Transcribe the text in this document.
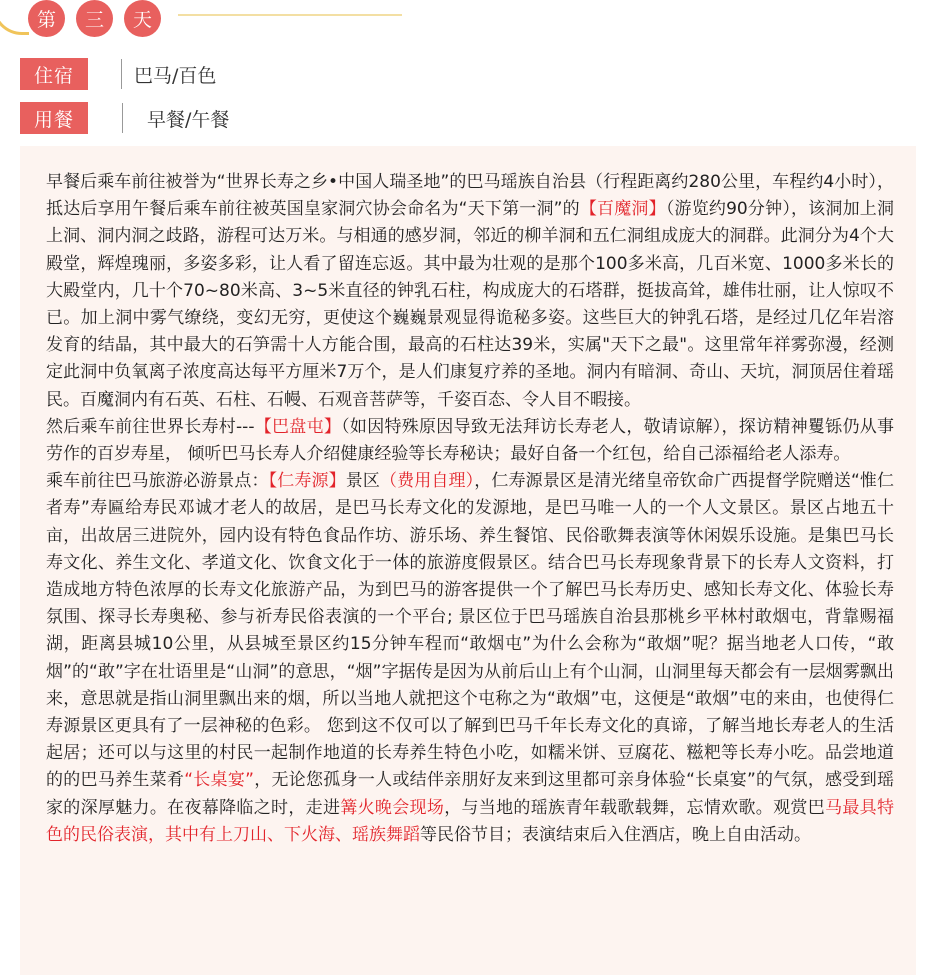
第	三	天
住宿	巴马/百色
用餐	早餐/午餐

早餐后乘车前往被誉为“世界长寿之乡•中国人瑞圣地”的巴马瑶族自治县（行程距离约280公里，车程约4小时），抵达后享用午餐后乘车前往被英国皇家洞穴协会命名为“天下第一洞”的【百魔洞】（游览约90分钟），该洞加上洞上洞、洞内洞之歧路，游程可达万米。与相通的感岁洞，邻近的柳羊洞和五仁洞组成庞大的洞群。此洞分为4个大殿堂，辉煌瑰丽，多姿多彩，让人看了留连忘返。其中最为壮观的是那个100多米高，几百米宽、1000多米长的大殿堂内，几十个70~80米高、3~5米直径的钟乳石柱，构成庞大的石塔群，挺拔高耸，雄伟壮丽，让人惊叹不已。加上洞中雾气缭绕，变幻无穷，更使这个巍巍景观显得诡秘多姿。这些巨大的钟乳石塔，是经过几亿年岩溶发育的结晶，其中最大的石笋需十人方能合围，最高的石柱达39米，实属"天下之最"。这里常年祥雾弥漫，经测定此洞中负氧离子浓度高达每平方厘米7万个，是人们康复疗养的圣地。洞内有暗洞、奇山、天坑，洞顶居住着瑶民。百魔洞内有石英、石柱、石幔、石观音菩萨等，千姿百态、令人目不暇接。

然后乘车前往世界长寿村---【巴盘屯】（如因特殊原因导致无法拜访长寿老人，敬请谅解），探访精神矍铄仍从事劳作的百岁寿星， 倾听巴马长寿人介绍健康经验等长寿秘诀；最好自备一个红包，给自己添福给老人添寿。

乘车前往巴马旅游必游景点：【仁寿源】景区（费用自理），仁寿源景区是清光绪皇帝钦命广西提督学院赠送“惟仁者寿”寿匾给寿民邓诚才老人的故居，是巴马长寿文化的发源地，是巴马唯一人的一个人文景区。景区占地五十亩，出故居三进院外，园内设有特色食品作坊、游乐场、养生餐馆、民俗歌舞表演等休闲娱乐设施。是集巴马长寿文化、养生文化、孝道文化、饮食文化于一体的旅游度假景区。结合巴马长寿现象背景下的长寿人文资料，打造成地方特色浓厚的长寿文化旅游产品，为到巴马的游客提供一个了解巴马长寿历史、感知长寿文化、体验长寿氛围、探寻长寿奥秘、参与祈寿民俗表演的一个平台; 景区位于巴马瑶族自治县那桃乡平林村敢烟屯，背靠赐福湖，距离县城10公里，从县城至景区约15分钟车程而“敢烟屯”为什么会称为“敢烟”呢？据当地老人口传，“敢烟”的“敢”字在壮语里是“山洞”的意思，“烟”字据传是因为从前后山上有个山洞，山洞里每天都会有一层烟雾飘出来，意思就是指山洞里飘出来的烟，所以当地人就把这个屯称之为“敢烟”屯，这便是“敢烟”屯的来由，也使得仁寿源景区更具有了一层神秘的色彩。 您到这不仅可以了解到巴马千年长寿文化的真谛，了解当地长寿老人的生活起居；还可以与这里的村民一起制作地道的长寿养生特色小吃，如糯米饼、豆腐花、糍粑等长寿小吃。品尝地道的的巴马养生菜肴“长桌宴”，无论您孤身一人或结伴亲朋好友来到这里都可亲身体验“长桌宴”的气氛，感受到瑶家的深厚魅力。在夜幕降临之时，走进篝火晚会现场，与当地的瑶族青年载歌载舞，忘情欢歌。观赏巴马最具特色的民俗表演，其中有上刀山、下火海、瑶族舞蹈等民俗节目；表演结束后入住酒店，晚上自由活动。
